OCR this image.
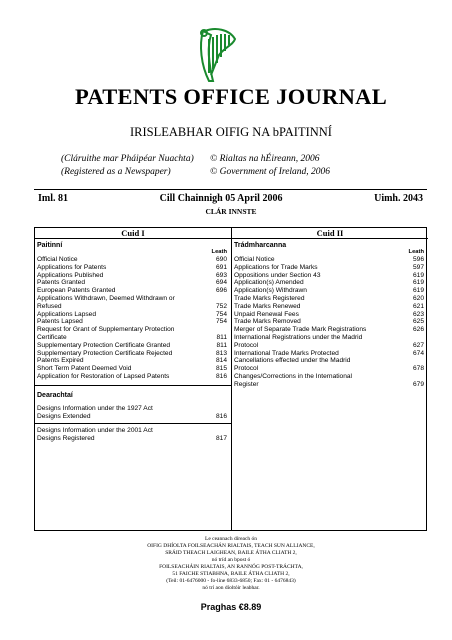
PATENTS OFFICE JOURNAL
IRISLEABHAR OIFIG NA bPAITINNÍ
(Cláruithe mar Pháipéar Nuachta)
(Registered as a Newspaper)
© Rialtas na hÉireann, 2006
© Government of Ireland, 2006
Iml. 81	Cill Chainnigh 05 April 2006	Uimh. 2043
CLÁR INNSTE
Cuid I
Paitinní
Leath
Official Notice	690
Applications for Patents	691
Applications Published	693
Patents Granted	694
European Patents Granted	696
Applications Withdrawn, Deemed Withdrawn or
Refused	752
Applications Lapsed	754
Patents Lapsed	754
Request for Grant of Supplementary Protection
Certificate	811
Supplementary Protection Certificate Granted	811
Supplementary Protection Certificate Rejected	813
Patents Expired	814
Short Term Patent Deemed Void	815
Application for Restoration of Lapsed Patents	816
Dearachtaí
Designs Information under the 1927 Act
Designs Extended	816
Designs Information under the 2001 Act
Designs Registered	817
Cuid II
Trádmharcanna
Leath
Official Notice	596
Applications for Trade Marks	597
Oppositions under Section 43	619
Application(s) Amended	619
Application(s) Withdrawn	619
Trade Marks Registered	620
Trade Marks Renewed	621
Unpaid Renewal Fees	623
Trade Marks Removed	625
Merger of Separate Trade Mark Registrations	626
International Registrations under the Madrid
Protocol	627
International Trade Marks Protected	674
Cancellations effected under the Madrid
Protocol	678
Changes/Corrections in the International
Register	679
Le ceannach díreach ón
OIFIG DHÍOLTA FOILSEACHÁN RIALTAIS, TEACH SUN ALLIANCE,
SRÁID THEACH LAIGHEAN, BAILE ÁTHA CLIATH 2,
nó tríd an bpost ó
FOILSEACHÁIN RIALTAIS, AN RANNÓG POST-TRÁCHTA,
51 FAICHE STIABHNA, BAILE ÁTHA CLIATH 2,
(Teil: 01-6476000 - fo-líne 6833-6850; Fax: 01 - 6476843)
nó trí aon díoltóir leabhar.
Praghas €8.89
